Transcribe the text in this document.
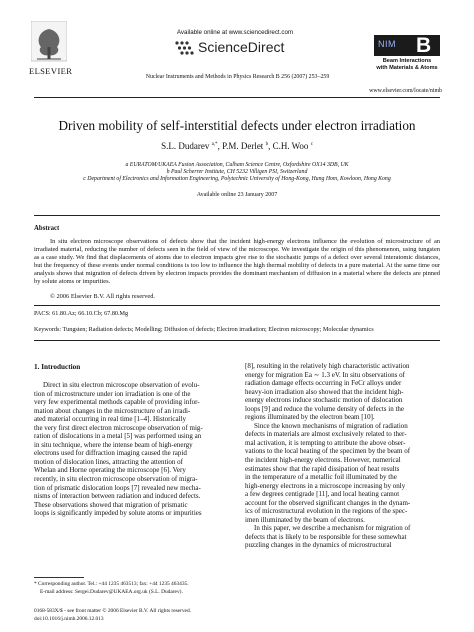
ELSEVIER
Available online at www.sciencedirect.com
ScienceDirect
Nuclear Instruments and Methods in Physics Research B 256 (2007) 253–259
NIM B
Beam Interactions
with Materials & Atoms
www.elsevier.com/locate/nimb
Driven mobility of self-interstitial defects under electron irradiation
S.L. Dudarev $^{a,*}$, P.M. Derlet $^b$, C.H. Woo $^c$
a EURATOM/UKAEA Fusion Association, Culham Science Centre, Oxfordshire OX14 3DB, UK
b Paul Scherrer Institute, CH 5232 Villigen PSI, Switzerland
c Department of Electronics and Information Engineering, Polytechnic University of Hong-Kong, Hung Hom, Kowloon, Hong Kong
Available online 23 January 2007
Abstract
In situ electron microscope observations of defects show that the incident high-energy electrons influence the evolution of microstructure of an irradiated material, reducing the number of defects seen in the field of view of the microscope. We investigate the origin of this phenomenon, using tungsten as a case study. We find that displacements of atoms due to electron impacts give rise to the stochastic jumps of a defect over several interatomic distances, but the frequency of these events under normal conditions is too low to influence the high thermal mobility of defects in a pure material. At the same time our analysis shows that migration of defects driven by electron impacts provides the dominant mechanism of diffusion in a material where the defects are pinned by solute atoms or impurities.
© 2006 Elsevier B.V. All rights reserved.
PACS: 61.80.Az; 66.10.Cb; 67.80.Mg
Keywords: Tungsten; Radiation defects; Modelling; Diffusion of defects; Electron irradiation; Electron microscopy; Molecular dynamics
1. Introduction
Direct in situ electron microscope observation of evolu-
tion of microstructure under ion irradiation is one of the
very few experimental methods capable of providing infor-
mation about changes in the microstructure of an irradi-
ated material occurring in real time [1–4]. Historically
the very first direct electron microscope observation of mig-
ration of dislocations in a metal [5] was performed using an
in situ technique, where the intense beam of high-energy
electrons used for diffraction imaging caused the rapid
motion of dislocation lines, attracting the attention of
Whelan and Horne operating the microscope [6]. Very
recently, in situ electron microscope observation of migra-
tion of prismatic dislocation loops [7] revealed new mecha-
nisms of interaction between radiation and induced defects.
These observations showed that migration of prismatic
loops is significantly impeded by solute atoms or impurities
* Corresponding author. Tel.: +44 1235 463513; fax: +44 1235 463435.
E-mail address: Sergei.Dudarev@UKAEA.org.uk (S.L. Dudarev).
0168-583X/$ - see front matter © 2006 Elsevier B.V. All rights reserved.
doi:10.1016/j.nimb.2006.12.013
[8], resulting in the relatively high characteristic activation
energy for migration Ea ∼ 1.3 eV. In situ observations of
radiation damage effects occurring in FeCr alloys under
heavy-ion irradiation also showed that the incident high-
energy electrons induce stochastic motion of dislocation
loops [9] and reduce the volume density of defects in the
regions illuminated by the electron beam [10].
Since the known mechanisms of migration of radiation
defects in materials are almost exclusively related to ther-
mal activation, it is tempting to attribute the above obser-
vations to the local heating of the specimen by the beam of
the incident high-energy electrons. However, numerical
estimates show that the rapid dissipation of heat results
in the temperature of a metallic foil illuminated by the
high-energy electrons in a microscope increasing by only
a few degrees centigrade [11], and local heating cannot
account for the observed significant changes in the dynam-
ics of microstructural evolution in the regions of the spec-
imen illuminated by the beam of electrons.
In this paper, we describe a mechanism for migration of
defects that is likely to be responsible for these somewhat
puzzling changes in the dynamics of microstructural
